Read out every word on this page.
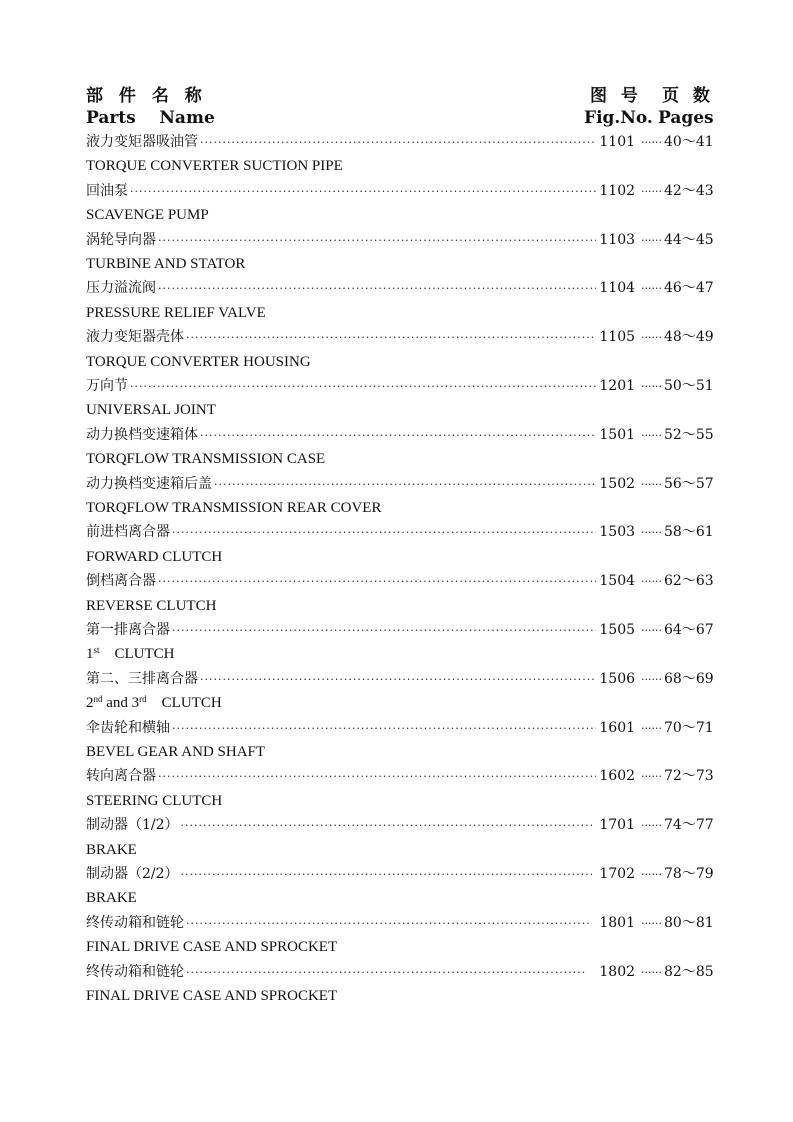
部 件 名 称
Parts    Name
图 号 页 数
Fig.No. Pages
液力变矩器吸油管 ·····	1101 ······ 40～41
TORQUE CONVERTER SUCTION PIPE
回油泵 ·····	1102 ······ 42～43
SCAVENGE PUMP
涡轮导向器 ·····	1103 ······ 44～45
TURBINE AND STATOR
压力溢流阀 ·····	1104 ······ 46～47
PRESSURE RELIEF VALVE
液力变矩器壳体 ·····	1105 ······ 48～49
TORQUE CONVERTER HOUSING
万向节 ·····	1201 ······ 50～51
UNIVERSAL JOINT
动力换档变速箱体 ·····	1501 ······ 52～55
TORQFLOW TRANSMISSION CASE
动力换档变速箱后盖 ·····	1502 ······ 56～57
TORQFLOW TRANSMISSION REAR COVER
前进档离合器 ·····	1503 ······ 58～61
FORWARD CLUTCH
倒档离合器 ·····	1504 ······ 62～63
REVERSE CLUTCH
第一排离合器 ·····	1505 ······ 64～67
1st    CLUTCH
第二、三排离合器 ·····	1506 ······ 68～69
2nd and 3rd    CLUTCH
伞齿轮和横轴 ·····	1601 ······ 70～71
BEVEL GEAR AND SHAFT
转向离合器 ·····	1602 ······ 72～73
STEERING CLUTCH
制动器（1/2） ·····	1701 ······ 74～77
BRAKE
制动器（2/2） ·····	1702 ······ 78～79
BRAKE
终传动箱和链轮 ·····	1801 ······ 80～81
FINAL DRIVE CASE AND SPROCKET
终传动箱和链轮 ·····	1802 ······ 82～85
FINAL DRIVE CASE AND SPROCKET
